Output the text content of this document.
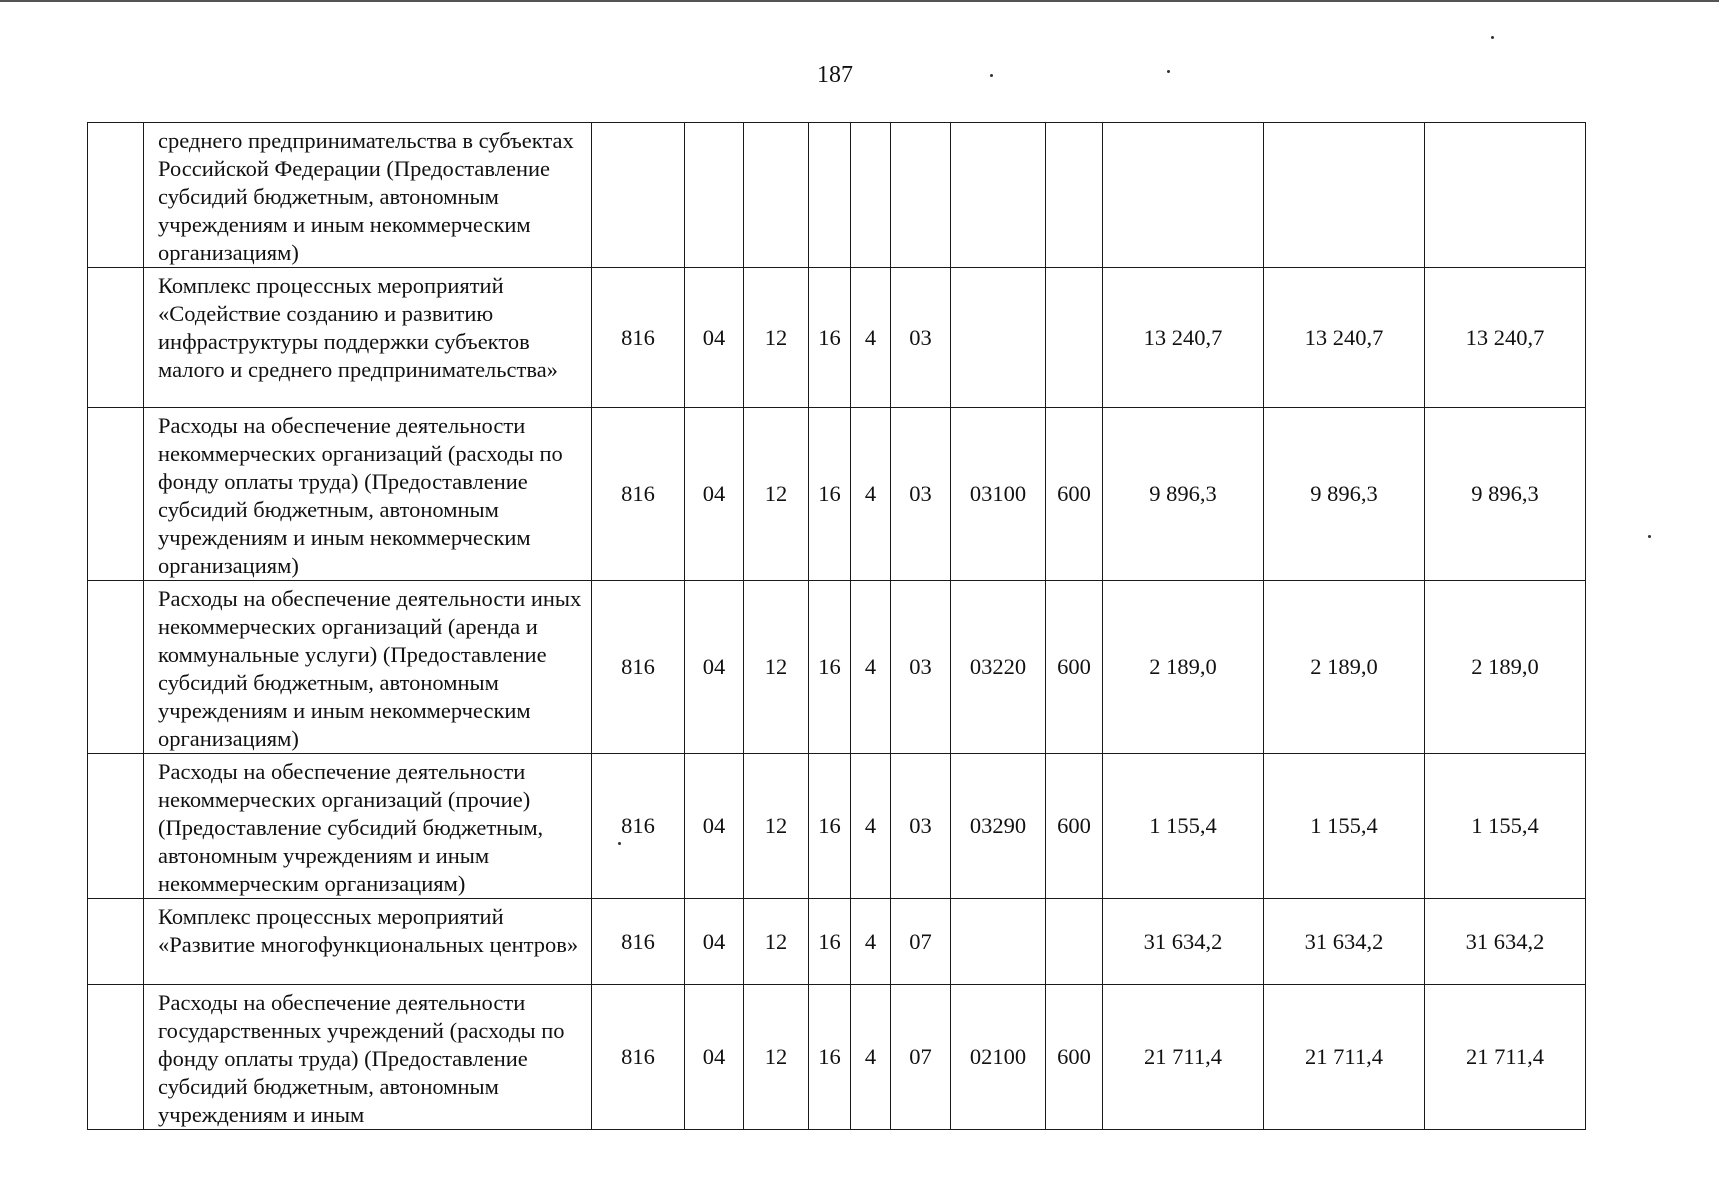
187
	среднего предпринимательства в субъектах Российской Федерации (Предоставление субсидий бюджетным, автономным учреждениям и иным некоммерческим организациям)											
	Комплекс процессных мероприятий «Содействие созданию и развитию инфраструктуры поддержки субъектов малого и среднего предпринимательства»	816	04	12	16	4	03			13 240,7	13 240,7	13 240,7
	Расходы на обеспечение деятельности некоммерческих организаций (расходы по фонду оплаты труда) (Предоставление субсидий бюджетным, автономным учреждениям и иным некоммерческим организациям)	816	04	12	16	4	03	03100	600	9 896,3	9 896,3	9 896,3
	Расходы на обеспечение деятельности иных некоммерческих организаций (аренда и коммунальные услуги) (Предоставление субсидий бюджетным, автономным учреждениям и иным некоммерческим организациям)	816	04	12	16	4	03	03220	600	2 189,0	2 189,0	2 189,0
	Расходы на обеспечение деятельности некоммерческих организаций (прочие) (Предоставление субсидий бюджетным, автономным учреждениям и иным некоммерческим организациям)	816	04	12	16	4	03	03290	600	1 155,4	1 155,4	1 155,4
	Комплекс процессных мероприятий «Развитие многофункциональных центров»	816	04	12	16	4	07			31 634,2	31 634,2	31 634,2
	Расходы на обеспечение деятельности государственных учреждений (расходы по фонду оплаты труда) (Предоставление субсидий бюджетным, автономным учреждениям и иным	816	04	12	16	4	07	02100	600	21 711,4	21 711,4	21 711,4
